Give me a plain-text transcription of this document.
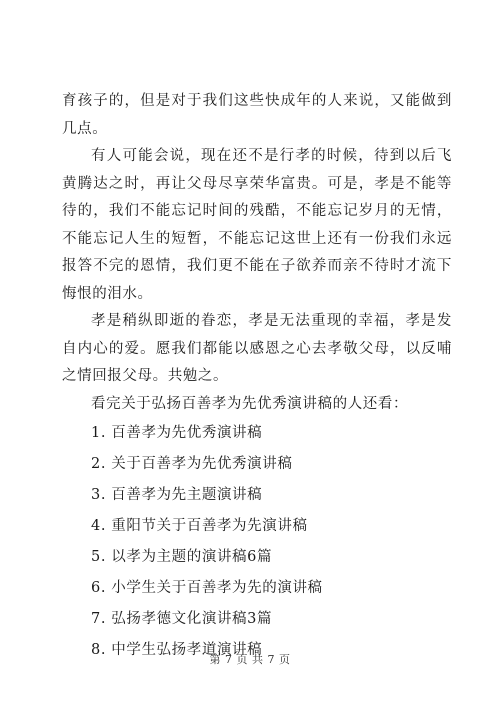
育孩子的，但是对于我们这些快成年的人来说，又能做到几点。

有人可能会说，现在还不是行孝的时候，待到以后飞黄腾达之时，再让父母尽享荣华富贵。可是，孝是不能等待的，我们不能忘记时间的残酷，不能忘记岁月的无情，不能忘记人生的短暂，不能忘记这世上还有一份我们永远报答不完的恩情，我们更不能在子欲养而亲不待时才流下悔恨的泪水。

孝是稍纵即逝的眷恋，孝是无法重现的幸福，孝是发自内心的爱。愿我们都能以感恩之心去孝敬父母，以反哺之情回报父母。共勉之。

看完关于弘扬百善孝为先优秀演讲稿的人还看：

1. 百善孝为先优秀演讲稿
2. 关于百善孝为先优秀演讲稿
3. 百善孝为先主题演讲稿
4. 重阳节关于百善孝为先演讲稿
5. 以孝为主题的演讲稿6篇
6. 小学生关于百善孝为先的演讲稿
7. 弘扬孝德文化演讲稿3篇
8. 中学生弘扬孝道演讲稿
第 7 页 共 7 页
